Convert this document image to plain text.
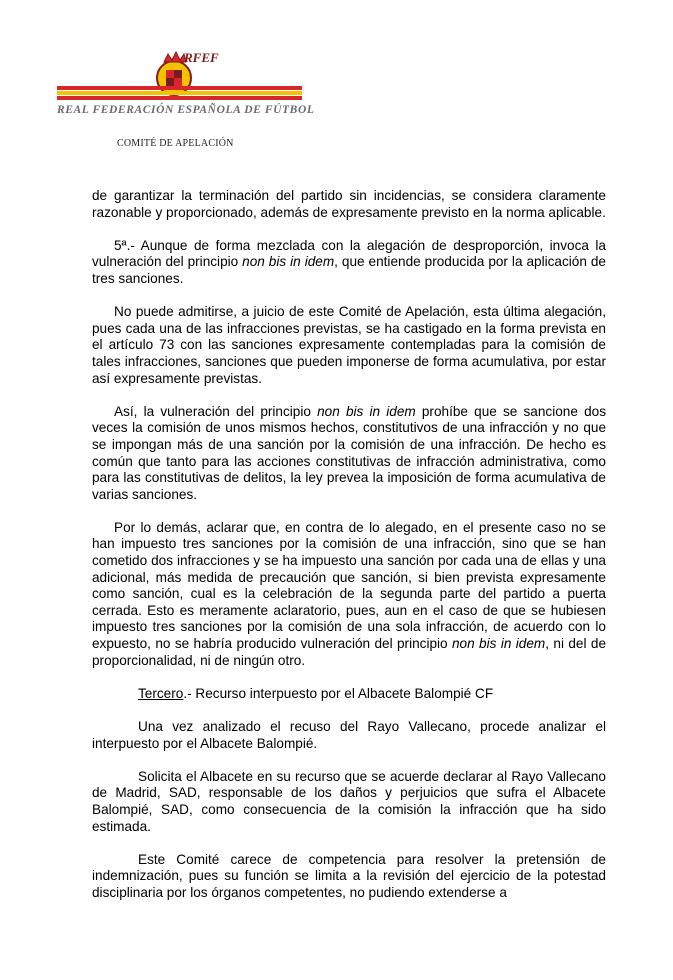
RFEF
REAL FEDERACIÓN ESPAÑOLA DE FÚTBOL
COMITÉ DE APELACIÓN

de garantizar la terminación del partido sin incidencias, se considera claramente razonable y proporcionado, además de expresamente previsto en la norma aplicable.

5ª.- Aunque de forma mezclada con la alegación de desproporción, invoca la vulneración del principio non bis in idem, que entiende producida por la aplicación de tres sanciones.

No puede admitirse, a juicio de este Comité de Apelación, esta última alegación, pues cada una de las infracciones previstas, se ha castigado en la forma prevista en el artículo 73 con las sanciones expresamente contempladas para la comisión de tales infracciones, sanciones que pueden imponerse de forma acumulativa, por estar así expresamente previstas.

Así, la vulneración del principio non bis in idem prohíbe que se sancione dos veces la comisión de unos mismos hechos, constitutivos de una infracción y no que se impongan más de una sanción por la comisión de una infracción. De hecho es común que tanto para las acciones constitutivas de infracción administrativa, como para las constitutivas de delitos, la ley prevea la imposición de forma acumulativa de varias sanciones.

Por lo demás, aclarar que, en contra de lo alegado, en el presente caso no se han impuesto tres sanciones por la comisión de una infracción, sino que se han cometido dos infracciones y se ha impuesto una sanción por cada una de ellas y una adicional, más medida de precaución que sanción, si bien prevista expresamente como sanción, cual es la celebración de la segunda parte del partido a puerta cerrada. Esto es meramente aclaratorio, pues, aun en el caso de que se hubiesen impuesto tres sanciones por la comisión de una sola infracción, de acuerdo con lo expuesto, no se habría producido vulneración del principio non bis in idem, ni del de proporcionalidad, ni de ningún otro.

Tercero.- Recurso interpuesto por el Albacete Balompié CF

Una vez analizado el recuso del Rayo Vallecano, procede analizar el interpuesto por el Albacete Balompié.

Solicita el Albacete en su recurso que se acuerde declarar al Rayo Vallecano de Madrid, SAD, responsable de los daños y perjuicios que sufra el Albacete Balompié, SAD, como consecuencia de la comisión la infracción que ha sido estimada.

Este Comité carece de competencia para resolver la pretensión de indemnización, pues su función se limita a la revisión del ejercicio de la potestad disciplinaria por los órganos competentes, no pudiendo extenderse a
